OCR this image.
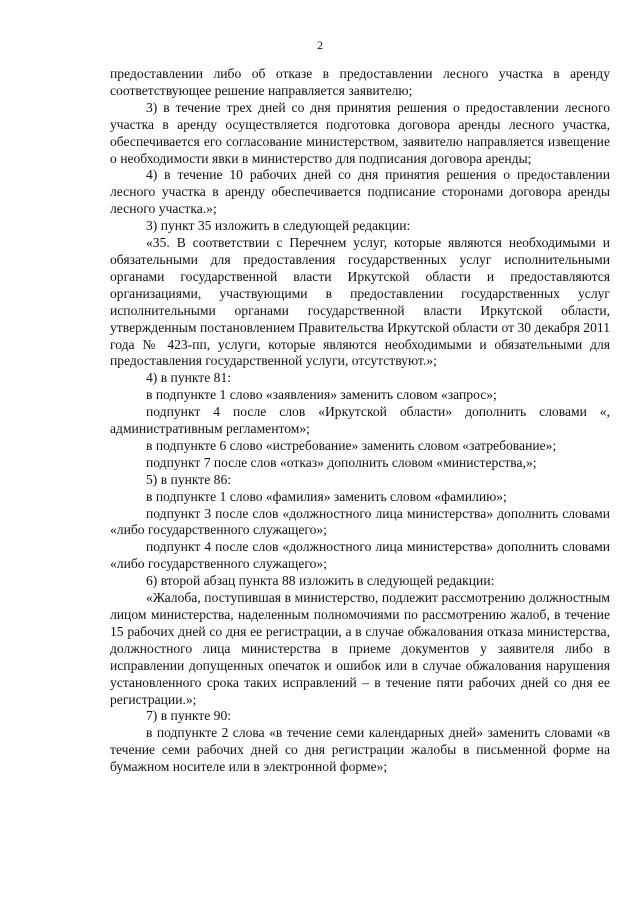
2

предоставлении либо об отказе в предоставлении лесного участка в аренду соответствующее решение направляется заявителю;

3) в течение трех дней со дня принятия решения о предоставлении лесного участка в аренду осуществляется подготовка договора аренды лесного участка, обеспечивается его согласование министерством, заявителю направляется извещение о необходимости явки в министерство для подписания договора аренды;

4) в течение 10 рабочих дней со дня принятия решения о предоставлении лесного участка в аренду обеспечивается подписание сторонами договора аренды лесного участка.»;

3) пункт 35 изложить в следующей редакции:

«35. В соответствии с Перечнем услуг, которые являются необходимыми и обязательными для предоставления государственных услуг исполнительными органами государственной власти Иркутской области и предоставляются организациями, участвующими в предоставлении государственных услуг исполнительными органами государственной власти Иркутской области, утвержденным постановлением Правительства Иркутской области от 30 декабря 2011 года № 423-пп, услуги, которые являются необходимыми и обязательными для предоставления государственной услуги, отсутствуют.»;

4) в пункте 81:

в подпункте 1 слово «заявления» заменить словом «запрос»;

подпункт 4 после слов «Иркутской области» дополнить словами «, административным регламентом»;

в подпункте 6 слово «истребование» заменить словом «затребование»;

подпункт 7 после слов «отказ» дополнить словом «министерства,»;

5) в пункте 86:

в подпункте 1 слово «фамилия» заменить словом «фамилию»;

подпункт 3 после слов «должностного лица министерства» дополнить словами «либо государственного служащего»;

подпункт 4 после слов «должностного лица министерства» дополнить словами «либо государственного служащего»;

6) второй абзац пункта 88 изложить в следующей редакции:

«Жалоба, поступившая в министерство, подлежит рассмотрению должностным лицом министерства, наделенным полномочиями по рассмотрению жалоб, в течение 15 рабочих дней со дня ее регистрации, а в случае обжалования отказа министерства, должностного лица министерства в приеме документов у заявителя либо в исправлении допущенных опечаток и ошибок или в случае обжалования нарушения установленного срока таких исправлений – в течение пяти рабочих дней со дня ее регистрации.»;

7) в пункте 90:

в подпункте 2 слова «в течение семи календарных дней» заменить словами «в течение семи рабочих дней со дня регистрации жалобы в письменной форме на бумажном носителе или в электронной форме»;
